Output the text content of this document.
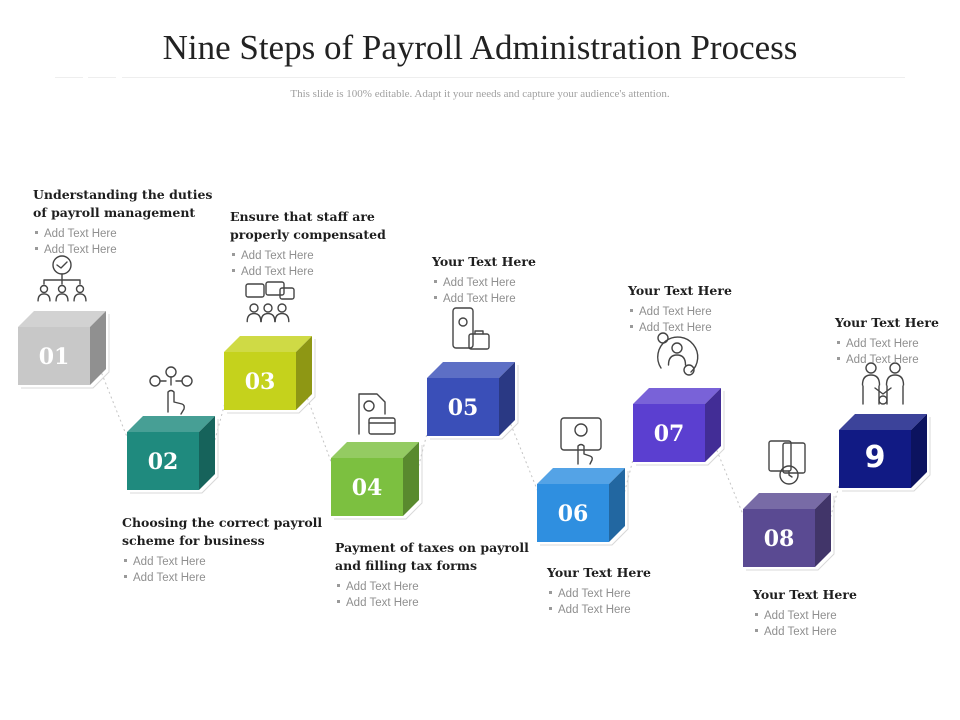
Nine Steps of Payroll Administration Process
This slide is 100% editable. Adapt it your needs and capture your audience's attention.
01
02
03
04
05
06
07
08
9
Understanding the duties of payroll management
Add Text Here
Add Text Here
Choosing the correct payroll scheme for business
Add Text Here
Add Text Here
Ensure that staff are properly compensated
Add Text Here
Add Text Here
Payment of taxes on payroll and filling tax forms
Add Text Here
Add Text Here
Your Text Here
Add Text Here
Add Text Here
Your Text Here
Add Text Here
Add Text Here
Your Text Here
Add Text Here
Add Text Here
Your Text Here
Add Text Here
Add Text Here
Your Text Here
Add Text Here
Add Text Here
